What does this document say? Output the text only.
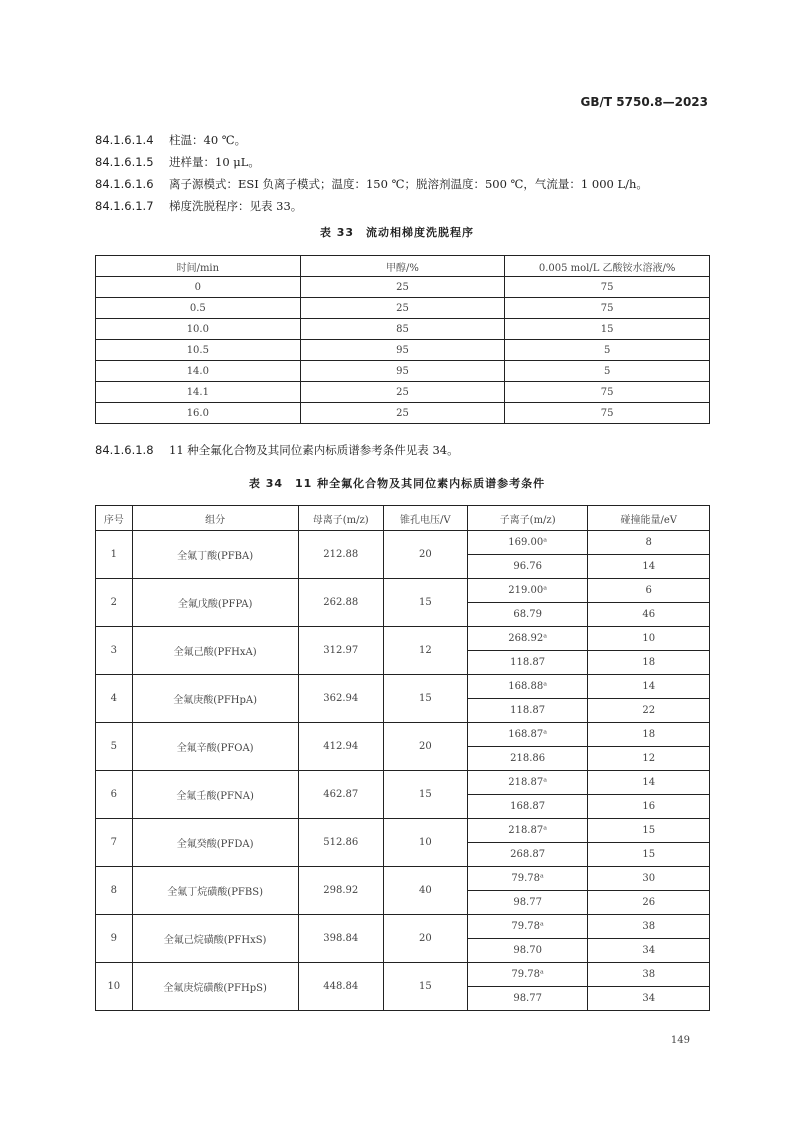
GB/T 5750.8—2023
84.1.6.1.4 柱温：40 ℃。
84.1.6.1.5 进样量：10 μL。
84.1.6.1.6 离子源模式：ESI 负离子模式；温度：150 ℃；脱溶剂温度：500 ℃，气流量：1 000 L/h。
84.1.6.1.7 梯度洗脱程序：见表 33。
表 33　流动相梯度洗脱程序
时间/min	甲醇/%	0.005 mol/L 乙酸铵水溶液/%
0	25	75
0.5	25	75
10.0	85	15
10.5	95	5
14.0	95	5
14.1	25	75
16.0	25	75
84.1.6.1.8 11 种全氟化合物及其同位素内标质谱参考条件见表 34。
表 34　11 种全氟化合物及其同位素内标质谱参考条件
序号	组分	母离子(m/z)	锥孔电压/V	子离子(m/z)	碰撞能量/eV
1	全氟丁酸(PFBA)	212.88	20	169.00ᵃ	8
				96.76	14
2	全氟戊酸(PFPA)	262.88	15	219.00ᵃ	6
				68.79	46
3	全氟己酸(PFHxA)	312.97	12	268.92ᵃ	10
				118.87	18
4	全氟庚酸(PFHpA)	362.94	15	168.88ᵃ	14
				118.87	22
5	全氟辛酸(PFOA)	412.94	20	168.87ᵃ	18
				218.86	12
6	全氟壬酸(PFNA)	462.87	15	218.87ᵃ	14
				168.87	16
7	全氟癸酸(PFDA)	512.86	10	218.87ᵃ	15
				268.87	15
8	全氟丁烷磺酸(PFBS)	298.92	40	79.78ᵃ	30
				98.77	26
9	全氟己烷磺酸(PFHxS)	398.84	20	79.78ᵃ	38
				98.70	34
10	全氟庚烷磺酸(PFHpS)	448.84	15	79.78ᵃ	38
				98.77	34
149
